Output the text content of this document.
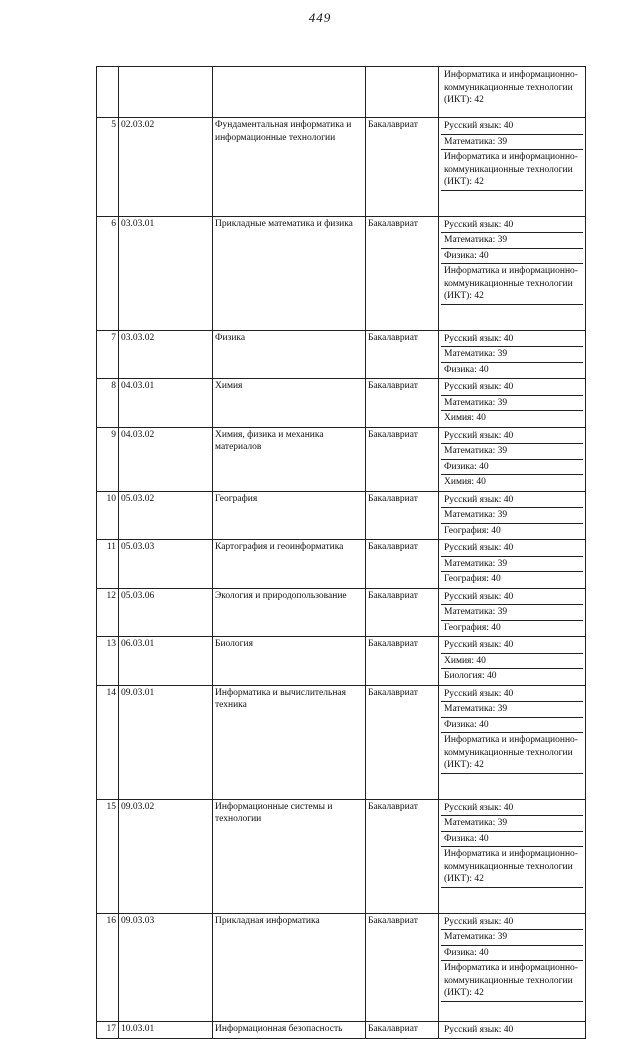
449

				Информатика и информационно-коммуникационные технологии (ИКТ): 42

5	02.03.02	Фундаментальная информатика и информационные технологии	Бакалавриат	Русский язык: 40
Математика: 39
Информатика и информационно-коммуникационные технологии (ИКТ): 42

6	03.03.01	Прикладные математика и физика	Бакалавриат	Русский язык: 40
Математика: 39
Физика: 40
Информатика и информационно-коммуникационные технологии (ИКТ): 42

7	03.03.02	Физика	Бакалавриат	Русский язык: 40
Математика: 39
Физика: 40

8	04.03.01	Химия	Бакалавриат	Русский язык: 40
Математика: 39
Химия: 40

9	04.03.02	Химия, физика и механика материалов	Бакалавриат	Русский язык: 40
Математика: 39
Физика: 40
Химия: 40

10	05.03.02	География	Бакалавриат	Русский язык: 40
Математика: 39
География: 40

11	05.03.03	Картография и геоинформатика	Бакалавриат	Русский язык: 40
Математика: 39
География: 40

12	05.03.06	Экология и природопользование	Бакалавриат	Русский язык: 40
Математика: 39
География: 40

13	06.03.01	Биология	Бакалавриат	Русский язык: 40
Химия: 40
Биология: 40

14	09.03.01	Информатика и вычислительная техника	Бакалавриат	Русский язык: 40
Математика: 39
Физика: 40
Информатика и информационно-коммуникационные технологии (ИКТ): 42

15	09.03.02	Информационные системы и технологии	Бакалавриат	Русский язык: 40
Математика: 39
Физика: 40
Информатика и информационно-коммуникационные технологии (ИКТ): 42

16	09.03.03	Прикладная информатика	Бакалавриат	Русский язык: 40
Математика: 39
Физика: 40
Информатика и информационно-коммуникационные технологии (ИКТ): 42

17	10.03.01	Информационная безопасность	Бакалавриат	Русский язык: 40
